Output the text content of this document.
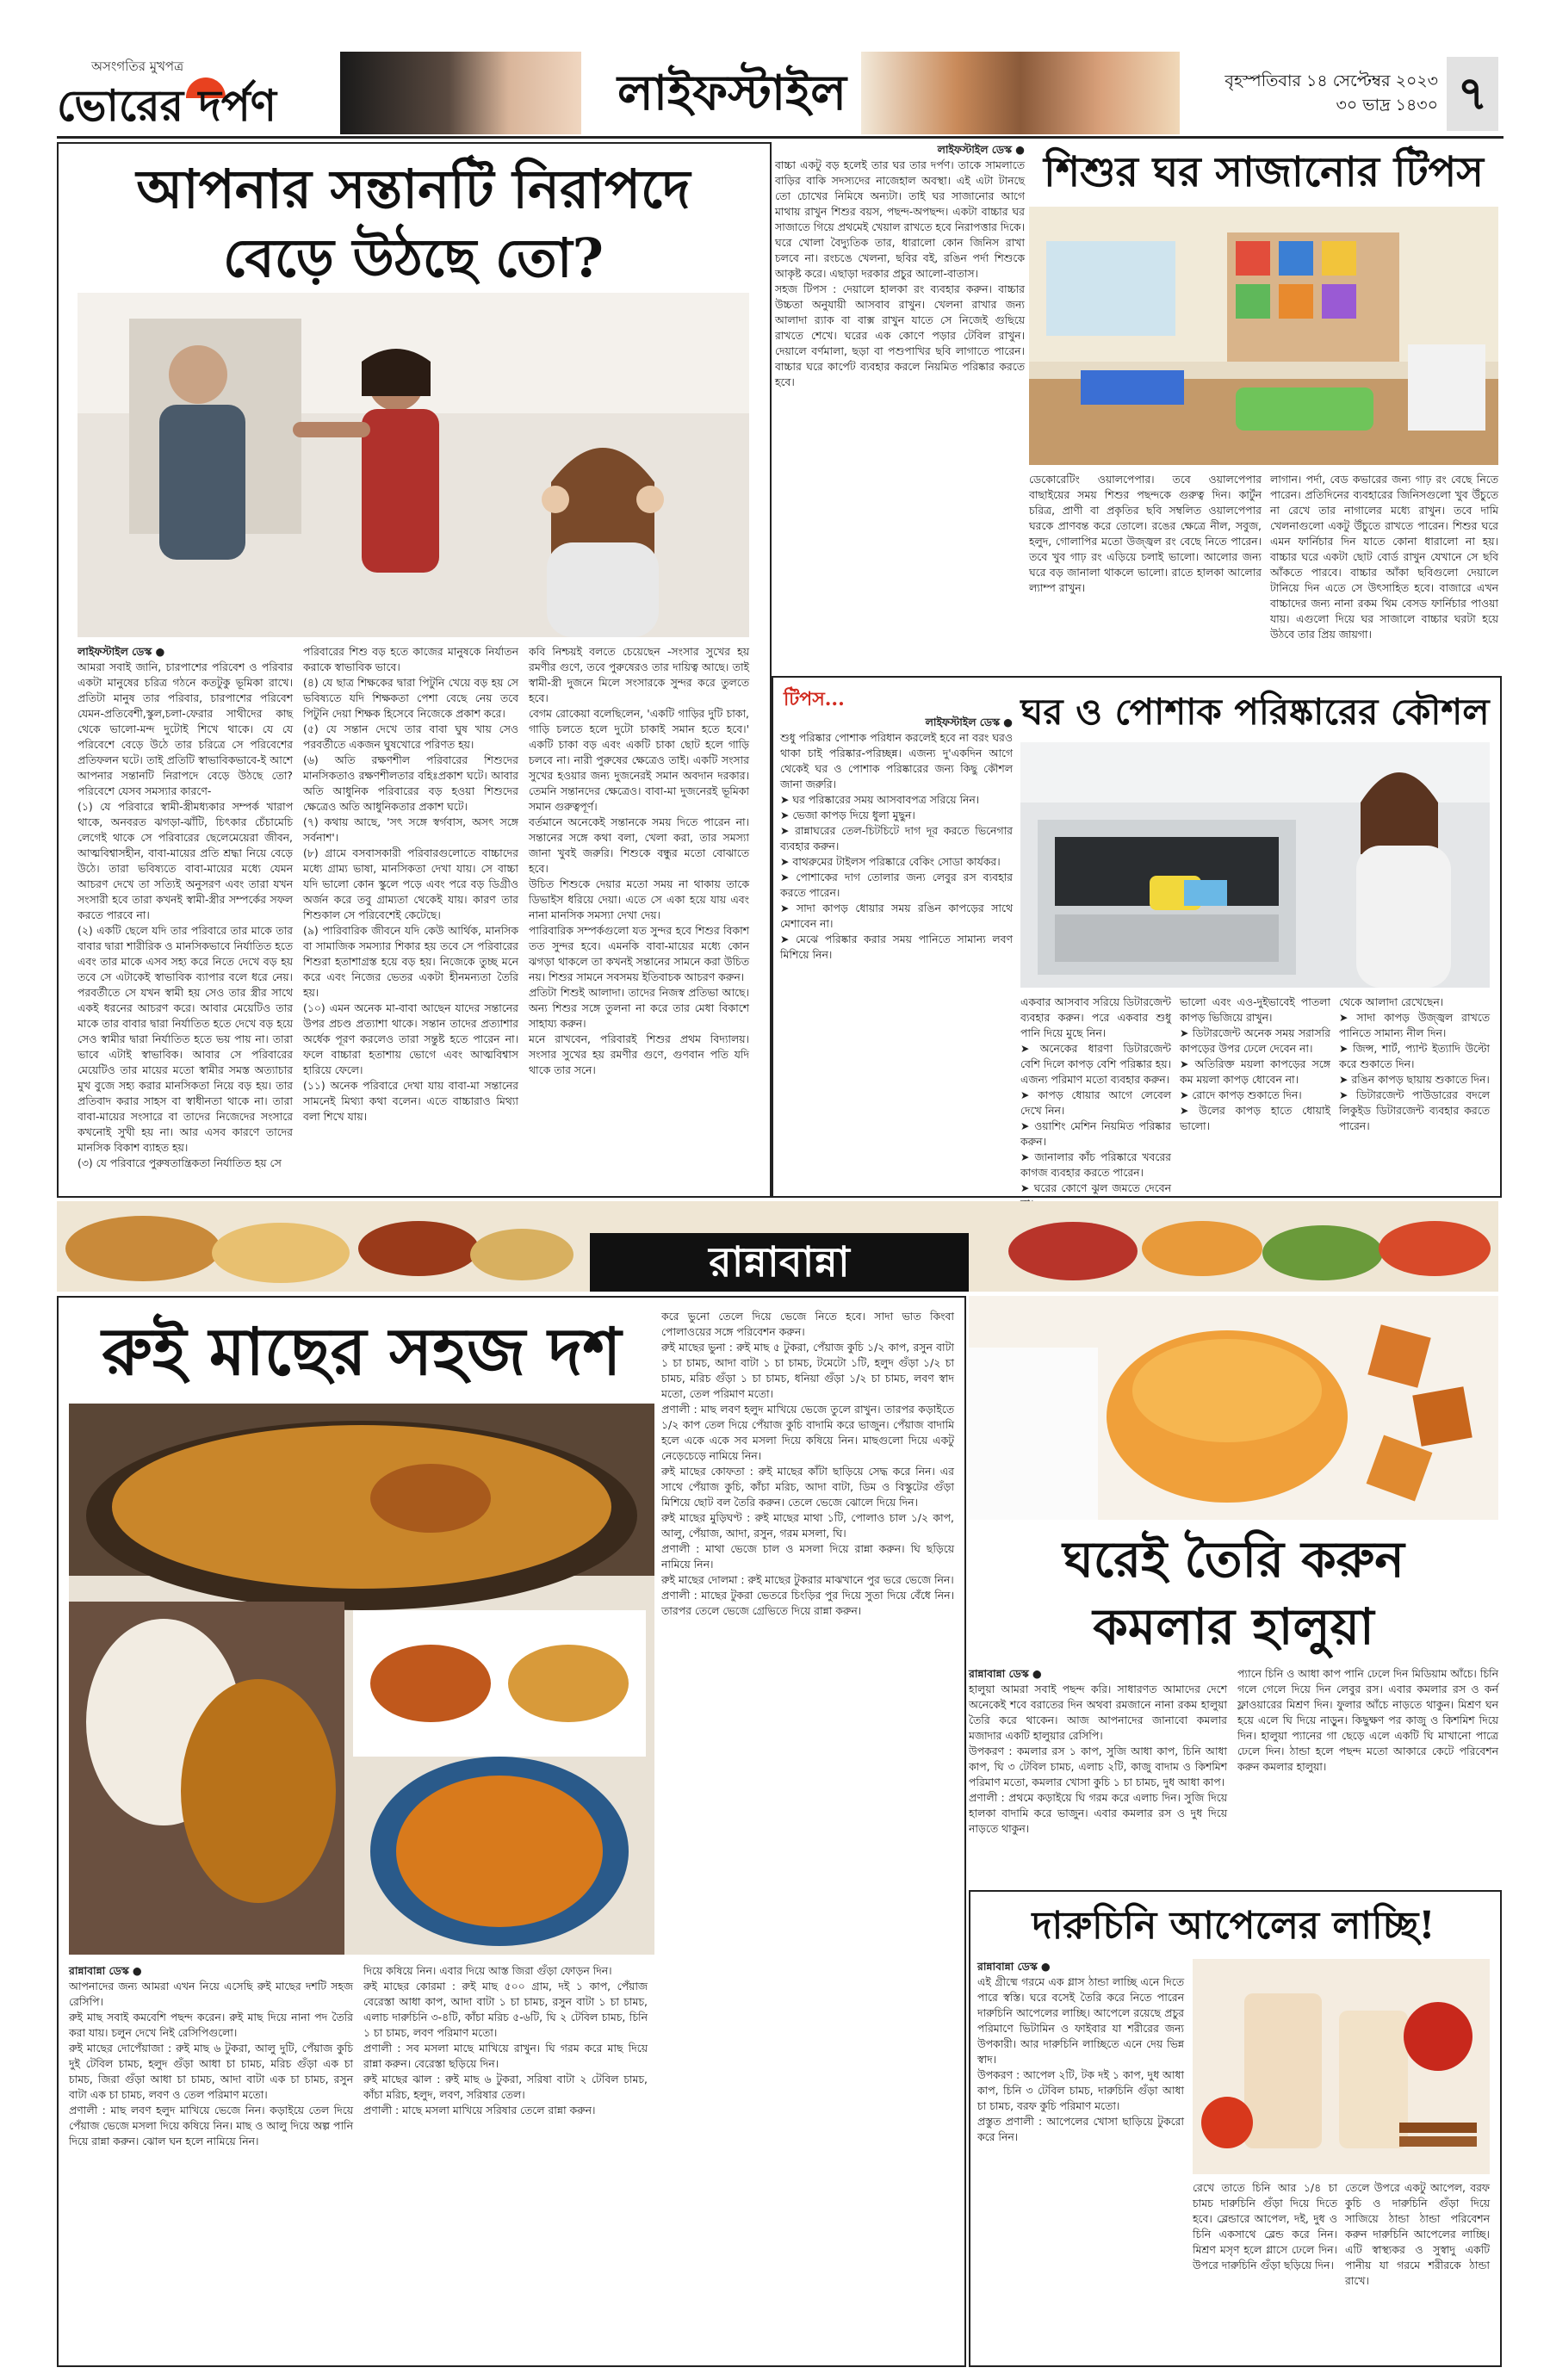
অসংগতির মুখপত্র
ভোরের দর্পণ	লাইফস্টাইল	বৃহস্পতিবার ১৪ সেপ্টেম্বর ২০২৩
৩০ ভাদ্র ১৪৩০ ৭
আপনার সন্তানটি নিরাপদে
বেড়ে উঠছে তো?

লাইফস্টাইল ডেস্ক ●

আমরা সবাই জানি, চারপাশের পরিবেশ ও পরিবার একটা মানুষের চরিত্র গঠনে কতটুকু ভূমিকা রাখে। প্রতিটা মানুষ তার পরিবার, চারপাশের পরিবেশ যেমন-প্রতিবেশী,স্কুল,চলা-ফেরার সাথীদের কাছ থেকে ভালো-মন্দ দুটোই শিখে থাকে। যে যে পরিবেশে বেড়ে উঠে তার চরিত্রে সে পরিবেশের প্রতিফলন ঘটে। তাই প্রতিটি স্বাভাবিকভাবে-ই আশে আপনার সন্তানটি নিরাপদে বেড়ে উঠছে তো? পরিবেশে যেসব সমস্যার কারণে-
(১) যে পরিবারে স্বামী-স্ত্রীমধ্যকার সম্পর্ক খারাপ থাকে, অনবরত ঝগড়া-ঝাঁটি, চিৎকার চেঁচামেচি লেগেই থাকে সে পরিবারের ছেলেমেয়েরা জীবন, আত্মবিশ্বাসহীন, বাবা-মায়ের প্রতি শ্রদ্ধা নিয়ে বেড়ে উঠে। তারা ভবিষ্যতে বাবা-মায়ের মধ্যে যেমন আচরণ দেখে তা সত্যিই অনুসরণ এবং তারা যখন সংসারী হবে তারা কখনই স্বামী-স্ত্রীর সম্পর্কের সফল করতে পারবে না।
(২) একটি ছেলে যদি তার পরিবারে তার মাকে তার বাবার দ্বারা শারীরিক ও মানসিকভাবে নির্যাতিত হতে এবং তার মাকে এসব সহ্য করে নিতে দেখে বড় হয় তবে সে এটাকেই স্বাভাবিক ব্যাপার বলে ধরে নেয়। পরবর্তীতে সে যখন স্বামী হয় সেও তার স্ত্রীর সাথে একই ধরনের আচরণ করে। আবার মেয়েটিও তার মাকে তার বাবার দ্বারা নির্যাতিত হতে দেখে বড় হয়ে সেও স্বামীর দ্বারা নির্যাতিত হতে ভয় পায় না। তারা ভাবে এটাই স্বাভাবিক। আবার সে পরিবারের মেয়েটিও তার মায়ের মতো স্বামীর সমস্ত অত্যাচার মুখ বুজে সহ্য করার মানসিকতা নিয়ে বড় হয়। তার প্রতিবাদ করার সাহস বা স্বাধীনতা থাকে না। তারা বাবা-মায়ের সংসারে বা তাদের নিজেদের সংসারে কখনোই সুখী হয় না। আর এসব কারণে তাদের মানসিক বিকাশ ব্যাহত হয়।
(৩) যে পরিবারে পুরুষতান্ত্রিকতা নির্যাতিত হয় সে

পরিবারের শিশু বড় হতে কাজের মানুষকে নির্যাতন করাকে স্বাভাবিক ভাবে।
(৪) যে ছাত্র শিক্ষকের দ্বারা পিটুনি খেয়ে বড় হয় সে ভবিষ্যতে যদি শিক্ষকতা পেশা বেছে নেয় তবে পিটুনি দেয়া শিক্ষক হিসেবে নিজেকে প্রকাশ করে।
(৫) যে সন্তান দেখে তার বাবা ঘুষ খায় সেও পরবর্তীতে একজন ঘুষখোরে পরিণত হয়।
(৬) অতি রক্ষণশীল পরিবারের শিশুদের মানসিকতাও রক্ষণশীলতার বহিঃপ্রকাশ ঘটে। আবার অতি আধুনিক পরিবারের বড় হওয়া শিশুদের ক্ষেত্রেও অতি আধুনিকতার প্রকাশ ঘটে।
(৭) কথায় আছে, 'সৎ সঙ্গে স্বর্গবাস, অসৎ সঙ্গে সর্বনাশ'।
(৮) গ্রামে বসবাসকারী পরিবারগুলোতে বাচ্চাদের মধ্যে গ্রাম্য ভাষা, মানসিকতা দেখা যায়। সে বাচ্চা যদি ভালো কোন স্কুলে পড়ে এবং পরে বড় ডিগ্রীও অর্জন করে তবু গ্রাম্যতা থেকেই যায়। কারণ তার শিশুকাল সে পরিবেশেই কেটেছে।
(৯) পারিবারিক জীবনে যদি কেউ আর্থিক, মানসিক বা সামাজিক সমস্যার শিকার হয় তবে সে পরিবারের শিশুরা হতাশাগ্রস্ত হয়ে বড় হয়। নিজেকে তুচ্ছ মনে করে এবং নিজের ভেতর একটা হীনমন্যতা তৈরি হয়।
(১০) এমন অনেক মা-বাবা আছেন যাদের সন্তানের উপর প্রচণ্ড প্রত্যাশা থাকে। সন্তান তাদের প্রত্যাশার অর্ধেক পূরণ করলেও তারা সন্তুষ্ট হতে পারেন না। ফলে বাচ্চারা হতাশায় ভোগে এবং আত্মবিশ্বাস হারিয়ে ফেলে।
(১১) অনেক পরিবারে দেখা যায় বাবা-মা সন্তানের সামনেই মিথ্যা কথা বলেন। এতে বাচ্চারাও মিথ্যা বলা শিখে যায়।

কবি নিশ্চয়ই বলতে চেয়েছেন -সংসার সুখের হয় রমণীর গুণে, তবে পুরুষেরও তার দায়িত্ব আছে। তাই স্বামী-স্ত্রী দুজনে মিলে সংসারকে সুন্দর করে তুলতে হবে।
বেগম রোকেয়া বলেছিলেন, 'একটি গাড়ির দুটি চাকা, গাড়ি চলতে হলে দুটো চাকাই সমান হতে হবে।' একটি চাকা বড় এবং একটি চাকা ছোট হলে গাড়ি চলবে না। নারী পুরুষের ক্ষেত্রেও তাই। একটি সংসার সুখের হওয়ার জন্য দুজনেরই সমান অবদান দরকার। তেমনি সন্তানদের ক্ষেত্রেও। বাবা-মা দুজনেরই ভূমিকা সমান গুরুত্বপূর্ণ।
বর্তমানে অনেকেই সন্তানকে সময় দিতে পারেন না। সন্তানের সঙ্গে কথা বলা, খেলা করা, তার সমস্যা জানা খুবই জরুরি। শিশুকে বন্ধুর মতো বোঝাতে হবে।
উচিত শিশুকে দেয়ার মতো সময় না থাকায় তাকে ডিভাইস ধরিয়ে দেয়া। এতে সে একা হয়ে যায় এবং নানা মানসিক সমস্যা দেখা দেয়।
পারিবারিক সম্পর্কগুলো যত সুন্দর হবে শিশুর বিকাশ তত সুন্দর হবে। এমনকি বাবা-মায়ের মধ্যে কোন ঝগড়া থাকলে তা কখনই সন্তানের সামনে করা উচিত নয়। শিশুর সামনে সবসময় ইতিবাচক আচরণ করুন।
প্রতিটা শিশুই আলাদা। তাদের নিজস্ব প্রতিভা আছে। অন্য শিশুর সঙ্গে তুলনা না করে তার মেধা বিকাশে সাহায্য করুন।
মনে রাখবেন, পরিবারই শিশুর প্রথম বিদ্যালয়। সংসার সুখের হয় রমণীর গুণে, গুণবান পতি যদি থাকে তার সনে।

লাইফস্টাইল ডেস্ক ●

বাচ্চা একটু বড় হলেই তার ঘর তার দর্পণ। তাকে সামলাতে বাড়ির বাকি সদস্যদের নাজেহাল অবস্থা। এই এটা টানছে তো চোখের নিমিষে অন্যটা। তাই ঘর সাজানোর আগে মাথায় রাখুন শিশুর বয়স, পছন্দ-অপছন্দ। একটা বাচ্চার ঘর সাজাতে গিয়ে প্রথমেই খেয়াল রাখতে হবে নিরাপত্তার দিকে। ঘরে খোলা বৈদ্যুতিক তার, ধারালো কোন জিনিস রাখা চলবে না। রংচঙে খেলনা, ছবির বই, রঙিন পর্দা শিশুকে আকৃষ্ট করে। এছাড়া দরকার প্রচুর আলো-বাতাস।
সহজ টিপস : দেয়ালে হালকা রং ব্যবহার করুন। বাচ্চার উচ্চতা অনুযায়ী আসবাব রাখুন। খেলনা রাখার জন্য আলাদা র‍্যাক বা বাক্স রাখুন যাতে সে নিজেই গুছিয়ে রাখতে শেখে। ঘরের এক কোণে পড়ার টেবিল রাখুন। দেয়ালে বর্ণমালা, ছড়া বা পশুপাখির ছবি লাগাতে পারেন। বাচ্চার ঘরে কার্পেট ব্যবহার করলে নিয়মিত পরিষ্কার করতে হবে।

শিশুর ঘর সাজানোর টিপস

ডেকোরেটিং ওয়ালপেপার। তবে ওয়ালপেপার বাছাইয়ের সময় শিশুর পছন্দকে গুরুত্ব দিন। কার্টুন চরিত্র, প্রাণী বা প্রকৃতির ছবি সম্বলিত ওয়ালপেপার ঘরকে প্রাণবন্ত করে তোলে। রঙের ক্ষেত্রে নীল, সবুজ, হলুদ, গোলাপির মতো উজ্জ্বল রং বেছে নিতে পারেন। তবে খুব গাঢ় রং এড়িয়ে চলাই ভালো। আলোর জন্য ঘরে বড় জানালা থাকলে ভালো। রাতে হালকা আলোর ল্যাম্প রাখুন।

লাগান। পর্দা, বেড কভারের জন্য গাঢ় রং বেছে নিতে পারেন। প্রতিদিনের ব্যবহারের জিনিসগুলো খুব উঁচুতে না রেখে তার নাগালের মধ্যে রাখুন। তবে দামি খেলনাগুলো একটু উঁচুতে রাখতে পারেন। শিশুর ঘরে এমন ফার্নিচার দিন যাতে কোনা ধারালো না হয়। বাচ্চার ঘরে একটা ছোট বোর্ড রাখুন যেখানে সে ছবি আঁকতে পারবে। বাচ্চার আঁকা ছবিগুলো দেয়ালে টানিয়ে দিন এতে সে উৎসাহিত হবে। বাজারে এখন বাচ্চাদের জন্য নানা রকম থিম বেসড ফার্নিচার পাওয়া যায়। এগুলো দিয়ে ঘর সাজালে বাচ্চার ঘরটা হয়ে উঠবে তার প্রিয় জায়গা।

টিপস...

লাইফস্টাইল ডেস্ক ●

শুধু পরিষ্কার পোশাক পরিধান করলেই হবে না বরং ঘরও থাকা চাই পরিষ্কার-পরিচ্ছন্ন। এজন্য দু'একদিন আগে থেকেই ঘর ও পোশাক পরিষ্কারের জন্য কিছু কৌশল জানা জরুরি।
➤ ঘর পরিষ্কারের সময় আসবাবপত্র সরিয়ে নিন।
➤ ভেজা কাপড় দিয়ে ধুলা মুছুন।
➤ রান্নাঘরের তেল-চিটচিটে দাগ দূর করতে ভিনেগার ব্যবহার করুন।
➤ বাথরুমের টাইলস পরিষ্কারে বেকিং সোডা কার্যকর।
➤ পোশাকের দাগ তোলার জন্য লেবুর রস ব্যবহার করতে পারেন।
➤ সাদা কাপড় ধোয়ার সময় রঙিন কাপড়ের সাথে মেশাবেন না।
➤ মেঝে পরিষ্কার করার সময় পানিতে সামান্য লবণ মিশিয়ে নিন।

ঘর ও পোশাক পরিষ্কারের কৌশল

একবার আসবাব সরিয়ে ডিটারজেন্ট ব্যবহার করুন। পরে একবার শুধু পানি দিয়ে মুছে নিন।
➤ অনেকের ধারণা ডিটারজেন্ট বেশি দিলে কাপড় বেশি পরিষ্কার হয়। এজন্য পরিমাণ মতো ব্যবহার করুন।
➤ কাপড় ধোয়ার আগে লেবেল দেখে নিন।
➤ ওয়াশিং মেশিন নিয়মিত পরিষ্কার করুন।
➤ জানালার কাঁচ পরিষ্কারে খবরের কাগজ ব্যবহার করতে পারেন।
➤ ঘরের কোণে ঝুল জমতে দেবেন

ভালো এবং এও-দুইভাবেই পাতলা কাপড় ভিজিয়ে রাখুন।
➤ ডিটারজেন্ট অনেক সময় সরাসরি কাপড়ের উপর ঢেলে দেবেন না।
➤ অতিরিক্ত ময়লা কাপড়ের সঙ্গে কম ময়লা কাপড় ধোবেন না।
➤ রোদে কাপড় শুকাতে দিন।
➤ উলের কাপড় হাতে ধোয়াই ভালো।

থেকে আলাদা রেখেছেন।
➤ সাদা কাপড় উজ্জ্বল রাখতে পানিতে সামান্য নীল দিন।
➤ জিন্স, শার্ট, প্যান্ট ইত্যাদি উল্টো করে শুকাতে দিন।
➤ রঙিন কাপড় ছায়ায় শুকাতে দিন।
➤ ডিটারজেন্ট পাউডারের বদলে লিকুইড ডিটারজেন্ট ব্যবহার করতে পারেন।

রান্নাবান্না
রুই মাছের সহজ দশ

রান্নাবান্না ডেস্ক ●

আপনাদের জন্য আমরা এখন নিয়ে এসেছি রুই মাছের দশটি সহজ রেসিপি।
রুই মাছ সবাই কমবেশি পছন্দ করেন। রুই মাছ দিয়ে নানা পদ তৈরি করা যায়। চলুন দেখে নিই রেসিপিগুলো।
রুই মাছের দোপেঁয়াজা : রুই মাছ ৬ টুকরা, আলু দুটি, পেঁয়াজ কুচি দুই টেবিল চামচ, হলুদ গুঁড়া আধা চা চামচ, মরিচ গুঁড়া এক চা চামচ, জিরা গুঁড়া আধা চা চামচ, আদা বাটা এক চা চামচ, রসুন বাটা এক চা চামচ, লবণ ও তেল পরিমাণ মতো।
প্রণালী : মাছ লবণ হলুদ মাখিয়ে ভেজে নিন। কড়াইয়ে তেল দিয়ে পেঁয়াজ ভেজে মসলা দিয়ে কষিয়ে নিন। মাছ ও আলু দিয়ে অল্প পানি দিয়ে রান্না করুন। ঝোল ঘন হলে নামিয়ে নিন।

দিয়ে কষিয়ে নিন। এবার দিয়ে আস্ত জিরা গুঁড়া ফোড়ন দিন।
রুই মাছের কোরমা : রুই মাছ ৫০০ গ্রাম, দই ১ কাপ, পেঁয়াজ বেরেস্তা আধা কাপ, আদা বাটা ১ চা চামচ, রসুন বাটা ১ চা চামচ, এলাচ দারুচিনি ৩-৪টি, কাঁচা মরিচ ৫-৬টি, ঘি ২ টেবিল চামচ, চিনি ১ চা চামচ, লবণ পরিমাণ মতো।
প্রণালী : সব মসলা মাছে মাখিয়ে রাখুন। ঘি গরম করে মাছ দিয়ে রান্না করুন। বেরেস্তা ছড়িয়ে দিন।
রুই মাছের ঝাল : রুই মাছ ৬ টুকরা, সরিষা বাটা ২ টেবিল চামচ, কাঁচা মরিচ, হলুদ, লবণ, সরিষার তেল।
প্রণালী : মাছে মসলা মাখিয়ে সরিষার তেলে রান্না করুন।

করে ভুনো তেলে দিয়ে ভেজে নিতে হবে। সাদা ভাত কিংবা পোলাওয়ের সঙ্গে পরিবেশন করুন।
রুই মাছের ভুনা : রুই মাছ ৫ টুকরা, পেঁয়াজ কুচি ১/২ কাপ, রসুন বাটা ১ চা চামচ, আদা বাটা ১ চা চামচ, টমেটো ১টি, হলুদ গুঁড়া ১/২ চা চামচ, মরিচ গুঁড়া ১ চা চামচ, ধনিয়া গুঁড়া ১/২ চা চামচ, লবণ স্বাদ মতো, তেল পরিমাণ মতো।
প্রণালী : মাছ লবণ হলুদ মাখিয়ে ভেজে তুলে রাখুন। তারপর কড়াইতে ১/২ কাপ তেল দিয়ে পেঁয়াজ কুচি বাদামি করে ভাজুন। পেঁয়াজ বাদামি হলে একে একে সব মসলা দিয়ে কষিয়ে নিন। মাছগুলো দিয়ে একটু নেড়েচেড়ে নামিয়ে নিন।
রুই মাছের কোফতা : রুই মাছের কাঁটা ছাড়িয়ে সেদ্ধ করে নিন। এর সাথে পেঁয়াজ কুচি, কাঁচা মরিচ, আদা বাটা, ডিম ও বিস্কুটের গুঁড়া মিশিয়ে ছোট বল তৈরি করুন। তেলে ভেজে ঝোলে দিয়ে দিন।
রুই মাছের মুড়িঘণ্ট : রুই মাছের মাথা ১টি, পোলাও চাল ১/২ কাপ, আলু, পেঁয়াজ, আদা, রসুন, গরম মসলা, ঘি।
প্রণালী : মাথা ভেজে চাল ও মসলা দিয়ে রান্না করুন। ঘি ছড়িয়ে নামিয়ে নিন।
রুই মাছের দোলমা : রুই মাছের টুকরার মাঝখানে পুর ভরে ভেজে নিন।
প্রণালী : মাছের টুকরা ভেতরে চিংড়ির পুর দিয়ে সুতা দিয়ে বেঁধে নিন। তারপর তেলে ভেজে গ্রেভিতে দিয়ে রান্না করুন।

ঘরেই তৈরি করুন
কমলার হালুয়া

রান্নাবান্না ডেস্ক ●

হালুয়া আমরা সবাই পছন্দ করি। সাধারণত আমাদের দেশে অনেকেই শবে বরাতের দিন অথবা রমজানে নানা রকম হালুয়া তৈরি করে থাকেন। আজ আপনাদের জানাবো কমলার মজাদার একটি হালুয়ার রেসিপি।
উপকরণ : কমলার রস ১ কাপ, সুজি আধা কাপ, চিনি আধা কাপ, ঘি ৩ টেবিল চামচ, এলাচ ২টি, কাজু বাদাম ও কিশমিশ পরিমাণ মতো, কমলার খোসা কুচি ১ চা চামচ, দুধ আধা কাপ।
প্রণালী : প্রথমে কড়াইয়ে ঘি গরম করে এলাচ দিন। সুজি দিয়ে হালকা বাদামি করে ভাজুন। এবার কমলার রস ও দুধ দিয়ে নাড়তে থাকুন।

প্যানে চিনি ও আধা কাপ পানি ঢেলে দিন মিডিয়াম আঁচে। চিনি গলে গেলে দিয়ে দিন লেবুর রস। এবার কমলার রস ও কর্ন ফ্লাওয়ারের মিশ্রণ দিন। ফুলার আঁচে নাড়তে থাকুন। মিশ্রণ ঘন হয়ে এলে ঘি দিয়ে নাড়ুন। কিছুক্ষণ পর কাজু ও কিশমিশ দিয়ে দিন। হালুয়া প্যানের গা ছেড়ে এলে একটি ঘি মাখানো পাত্রে ঢেলে দিন। ঠান্ডা হলে পছন্দ মতো আকারে কেটে পরিবেশন করুন কমলার হালুয়া।

দারুচিনি আপেলের লাচ্ছি!

রান্নাবান্না ডেস্ক ●

এই গ্রীষ্মে গরমে এক গ্লাস ঠান্ডা লাচ্ছি এনে দিতে পারে স্বস্তি। ঘরে বসেই তৈরি করে নিতে পারেন দারুচিনি আপেলের লাচ্ছি। আপেলে রয়েছে প্রচুর পরিমাণে ভিটামিন ও ফাইবার যা শরীরের জন্য উপকারী। আর দারুচিনি লাচ্ছিতে এনে দেয় ভিন্ন স্বাদ।
উপকরণ : আপেল ২টি, টক দই ১ কাপ, দুধ আধা কাপ, চিনি ৩ টেবিল চামচ, দারুচিনি গুঁড়া আধা চা চামচ, বরফ কুচি পরিমাণ মতো।
প্রস্তুত প্রণালী : আপেলের খোসা ছাড়িয়ে টুকরো করে নিন।

রেখে তাতে চিনি আর ১/৪ চা চামচ দারুচিনি গুঁড়া দিয়ে দিতে হবে। ব্লেন্ডারে আপেল, দই, দুধ ও চিনি একসাথে ব্লেন্ড করে নিন। মিশ্রণ মসৃণ হলে গ্লাসে ঢেলে দিন। উপরে দারুচিনি গুঁড়া ছড়িয়ে দিন।

তেলে উপরে একটু আপেল, বরফ কুচি ও দারুচিনি গুঁড়া দিয়ে সাজিয়ে ঠান্ডা ঠান্ডা পরিবেশন করুন দারুচিনি আপেলের লাচ্ছি। এটি স্বাস্থ্যকর ও সুস্বাদু একটি পানীয় যা গরমে শরীরকে ঠান্ডা রাখে।
